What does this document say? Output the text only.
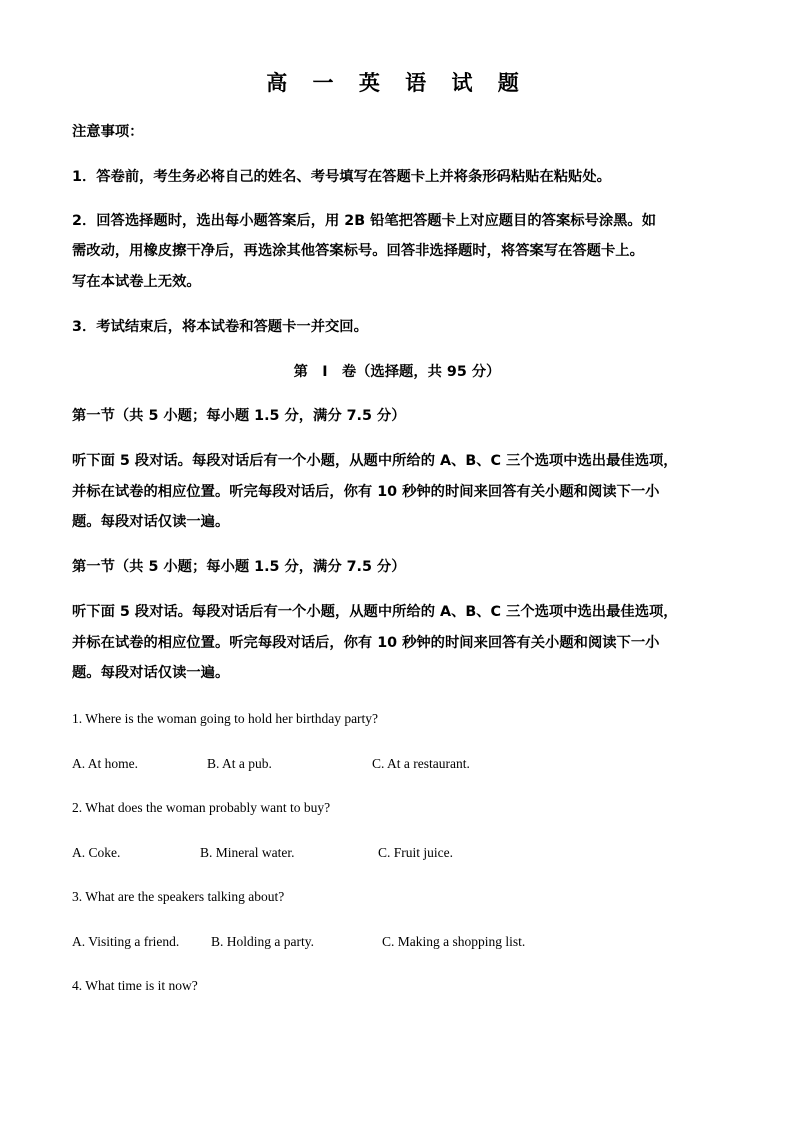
高 一 英 语 试 题
注意事项：
1．答卷前，考生务必将自己的姓名、考号填写在答题卡上并将条形码粘贴在粘贴处。
2．回答选择题时，选出每小题答案后，用 2B 铅笔把答题卡上对应题目的答案标号涂黑。如
需改动，用橡皮擦干净后，再选涂其他答案标号。回答非选择题时，将答案写在答题卡上。
写在本试卷上无效。
3．考试结束后，将本试卷和答题卡一并交回。
第　I　卷（选择题，共 95 分）
第一节（共 5 小题；每小题 1.5 分，满分 7.5 分）
听下面 5 段对话。每段对话后有一个小题，从题中所给的 A、B、C 三个选项中选出最佳选项，
并标在试卷的相应位置。听完每段对话后，你有 10 秒钟的时间来回答有关小题和阅读下一小
题。每段对话仅读一遍。
第一节（共 5 小题；每小题 1.5 分，满分 7.5 分）
听下面 5 段对话。每段对话后有一个小题，从题中所给的 A、B、C 三个选项中选出最佳选项，
并标在试卷的相应位置。听完每段对话后，你有 10 秒钟的时间来回答有关小题和阅读下一小
题。每段对话仅读一遍。
1. Where is the woman going to hold her birthday party?
A. At home.	B. At a pub.	C. At a restaurant.
2. What does the woman probably want to buy?
A. Coke.	B. Mineral water.	C. Fruit juice.
3. What are the speakers talking about?
A. Visiting a friend. B. Holding a party.	C. Making a shopping list.
4. What time is it now?
